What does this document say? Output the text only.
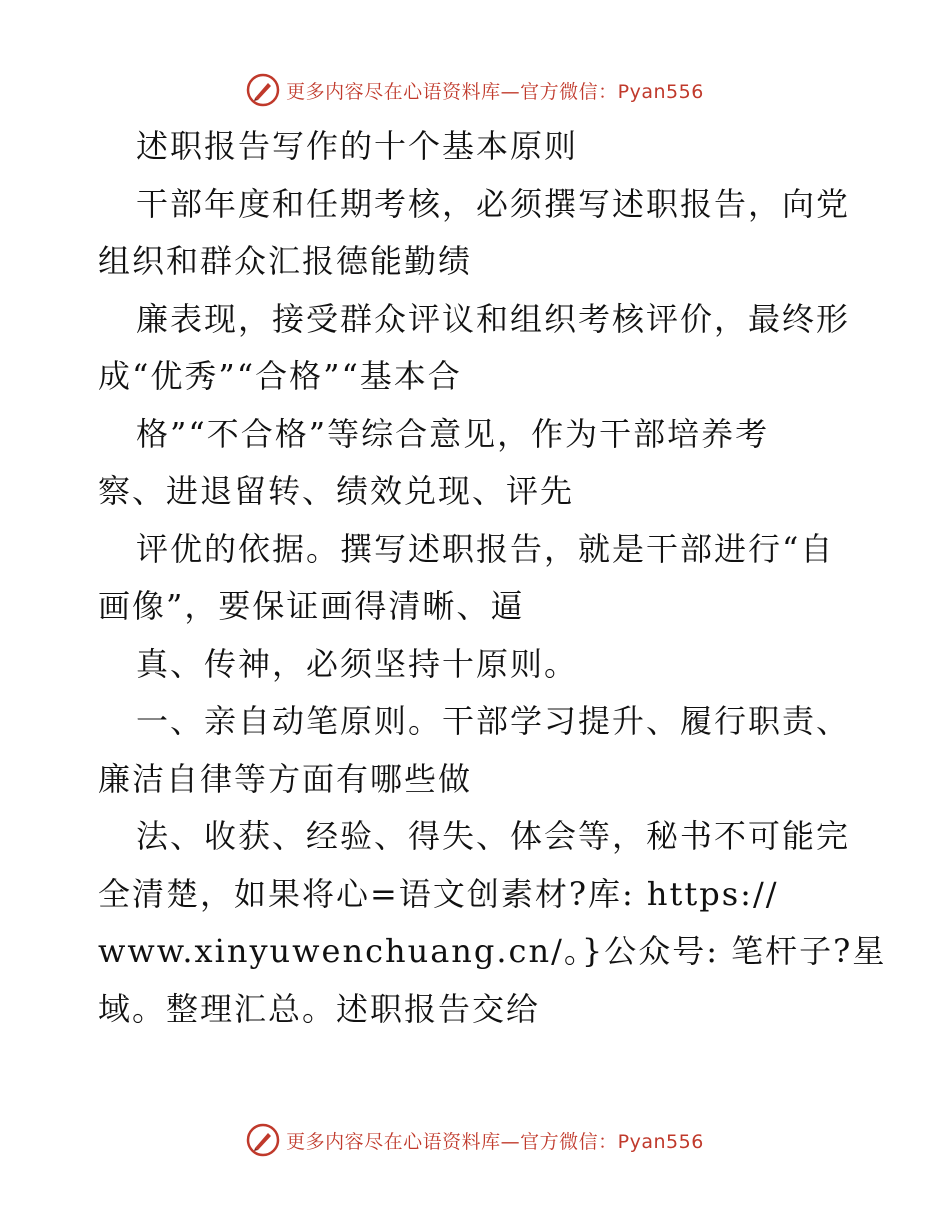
更多内容尽在心语资料库—官方微信：Pyan556
述职报告写作的十个基本原则
干部年度和任期考核，必须撰写述职报告，向党
组织和群众汇报德能勤绩
廉表现，接受群众评议和组织考核评价，最终形
成“优秀”“合格”“基本合
格”“不合格”等综合意见，作为干部培养考
察、进退留转、绩效兑现、评先
评优的依据。撰写述职报告，就是干部进行“自
画像”，要保证画得清晰、逼
真、传神，必须坚持十原则。
一、亲自动笔原则。干部学习提升、履行职责、
廉洁自律等方面有哪些做
法、收获、经验、得失、体会等，秘书不可能完
全清楚，如果将心=语文创素材?库: https://
www.xinyuwenchuang.cn/。}公众号: 笔杆子?星
域。整理汇总。述职报告交给
更多内容尽在心语资料库—官方微信：Pyan556
